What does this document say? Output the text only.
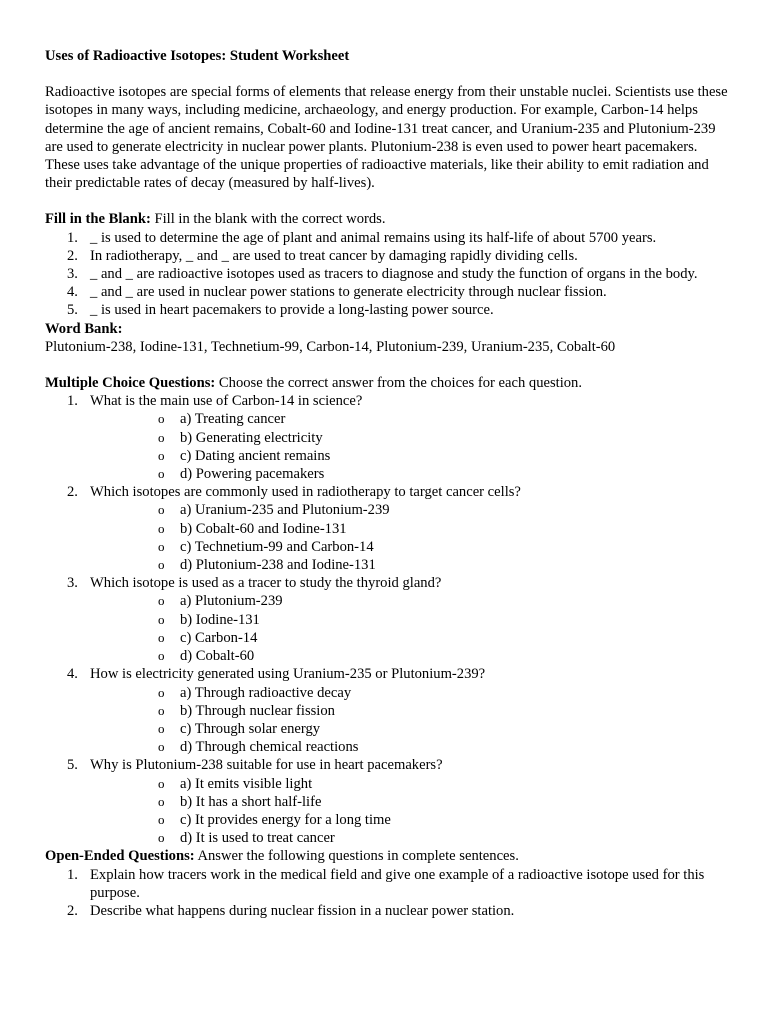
Uses of Radioactive Isotopes: Student Worksheet

Radioactive isotopes are special forms of elements that release energy from their unstable nuclei. Scientists use these isotopes in many ways, including medicine, archaeology, and energy production. For example, Carbon-14 helps determine the age of ancient remains, Cobalt-60 and Iodine-131 treat cancer, and Uranium-235 and Plutonium-239 are used to generate electricity in nuclear power plants. Plutonium-238 is even used to power heart pacemakers. These uses take advantage of the unique properties of radioactive materials, like their ability to emit radiation and their predictable rates of decay (measured by half-lives).

Fill in the Blank: Fill in the blank with the correct words.

1. _ is used to determine the age of plant and animal remains using its half-life of about 5700 years.
2. In radiotherapy, _ and _ are used to treat cancer by damaging rapidly dividing cells.
3. _ and _ are radioactive isotopes used as tracers to diagnose and study the function of organs in the body.
4. _ and _ are used in nuclear power stations to generate electricity through nuclear fission.
5. _ is used in heart pacemakers to provide a long-lasting power source.

Word Bank:

Plutonium-238, Iodine-131, Technetium-99, Carbon-14, Plutonium-239, Uranium-235, Cobalt-60

Multiple Choice Questions: Choose the correct answer from the choices for each question.

1. What is the main use of Carbon-14 in science?
o a) Treating cancer
o b) Generating electricity
o c) Dating ancient remains
o d) Powering pacemakers
2. Which isotopes are commonly used in radiotherapy to target cancer cells?
o a) Uranium-235 and Plutonium-239
o b) Cobalt-60 and Iodine-131
o c) Technetium-99 and Carbon-14
o d) Plutonium-238 and Iodine-131
3. Which isotope is used as a tracer to study the thyroid gland?
o a) Plutonium-239
o b) Iodine-131
o c) Carbon-14
o d) Cobalt-60
4. How is electricity generated using Uranium-235 or Plutonium-239?
o a) Through radioactive decay
o b) Through nuclear fission
o c) Through solar energy
o d) Through chemical reactions
5. Why is Plutonium-238 suitable for use in heart pacemakers?
o a) It emits visible light
o b) It has a short half-life
o c) It provides energy for a long time
o d) It is used to treat cancer

Open-Ended Questions: Answer the following questions in complete sentences.

1. Explain how tracers work in the medical field and give one example of a radioactive isotope used for this purpose.
2. Describe what happens during nuclear fission in a nuclear power station.
